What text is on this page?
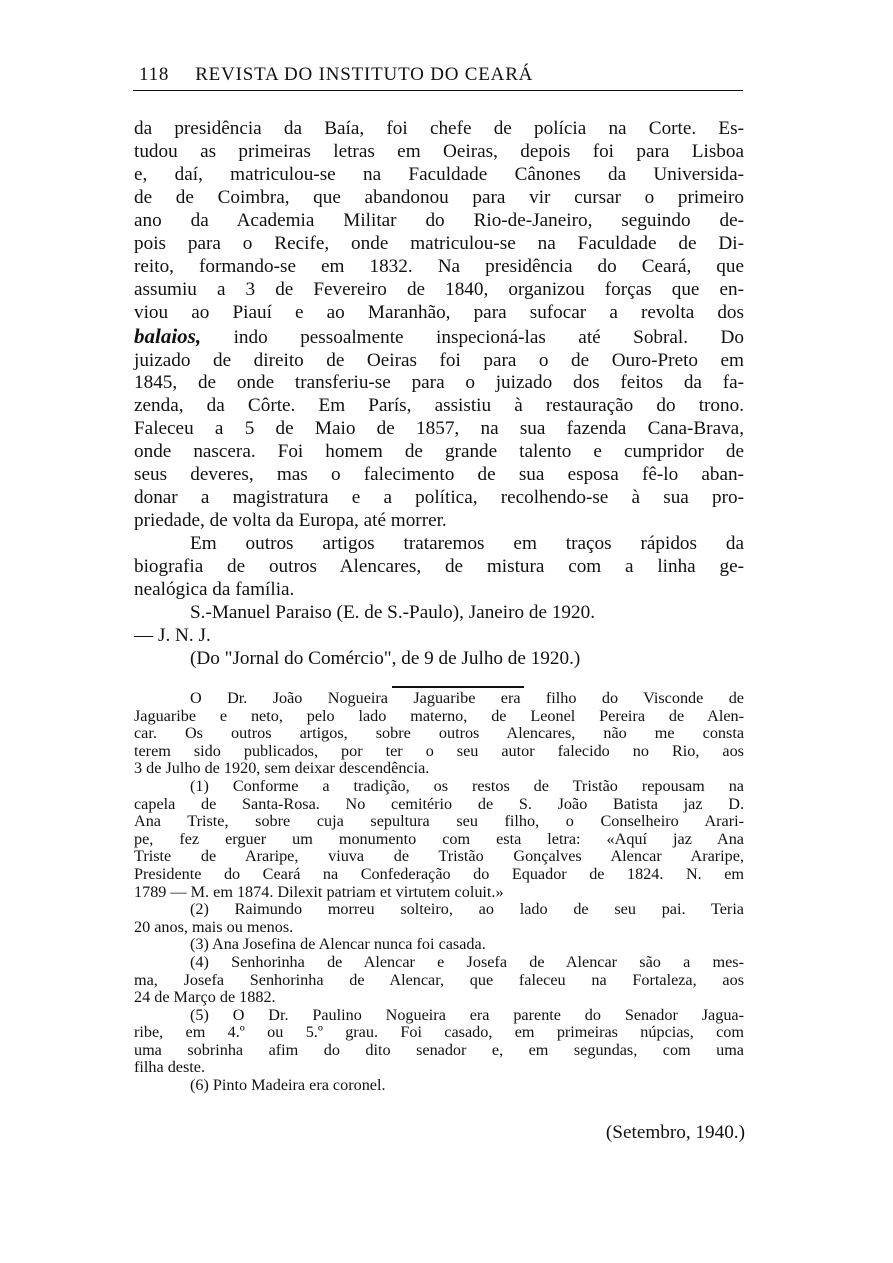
118 REVISTA DO INSTITUTO DO CEARÁ
da presidência da Baía, foi chefe de polícia na Corte. Es-
tudou as primeiras letras em Oeiras, depois foi para Lisboa
e, daí, matriculou-se na Faculdade Cânones da Universida-
de de Coimbra, que abandonou para vir cursar o primeiro
ano da Academia Militar do Rio-de-Janeiro, seguindo de-
pois para o Recife, onde matriculou-se na Faculdade de Di-
reito, formando-se em 1832. Na presidência do Ceará, que
assumiu a 3 de Fevereiro de 1840, organizou forças que en-
viou ao Piauí e ao Maranhão, para sufocar a revolta dos
balaios, indo pessoalmente inspecioná-las até Sobral. Do
juizado de direito de Oeiras foi para o de Ouro-Preto em
1845, de onde transferiu-se para o juizado dos feitos da fa-
zenda, da Côrte. Em París, assistiu à restauração do trono.
Faleceu a 5 de Maio de 1857, na sua fazenda Cana-Brava,
onde nascera. Foi homem de grande talento e cumpridor de
seus deveres, mas o falecimento de sua esposa fê-lo aban-
donar a magistratura e a política, recolhendo-se à sua pro-
priedade, de volta da Europa, até morrer.
Em outros artigos trataremos em traços rápidos da
biografia de outros Alencares, de mistura com a linha ge-
nealógica da família.
S.-Manuel Paraiso (E. de S.-Paulo), Janeiro de 1920.
— J. N. J.
(Do "Jornal do Comércio", de 9 de Julho de 1920.)
O Dr. João Nogueira Jaguaribe era filho do Visconde de
Jaguaribe e neto, pelo lado materno, de Leonel Pereira de Alen-
car. Os outros artigos, sobre outros Alencares, não me consta
terem sido publicados, por ter o seu autor falecido no Rio, aos
3 de Julho de 1920, sem deixar descendência.
(1) Conforme a tradição, os restos de Tristão repousam na
capela de Santa-Rosa. No cemitério de S. João Batista jaz D.
Ana Triste, sobre cuja sepultura seu filho, o Conselheiro Arari-
pe, fez erguer um monumento com esta letra: «Aquí jaz Ana
Triste de Araripe, viuva de Tristão Gonçalves Alencar Araripe,
Presidente do Ceará na Confederação do Equador de 1824. N. em
1789 — M. em 1874. Dilexit patriam et virtutem coluit.»
(2) Raimundo morreu solteiro, ao lado de seu pai. Teria
20 anos, mais ou menos.
(3) Ana Josefina de Alencar nunca foi casada.
(4) Senhorinha de Alencar e Josefa de Alencar são a mes-
ma, Josefa Senhorinha de Alencar, que faleceu na Fortaleza, aos
24 de Março de 1882.
(5) O Dr. Paulino Nogueira era parente do Senador Jagua-
ribe, em 4.º ou 5.º grau. Foi casado, em primeiras núpcias, com
uma sobrinha afim do dito senador e, em segundas, com uma
filha deste.
(6) Pinto Madeira era coronel.
(Setembro, 1940.)
